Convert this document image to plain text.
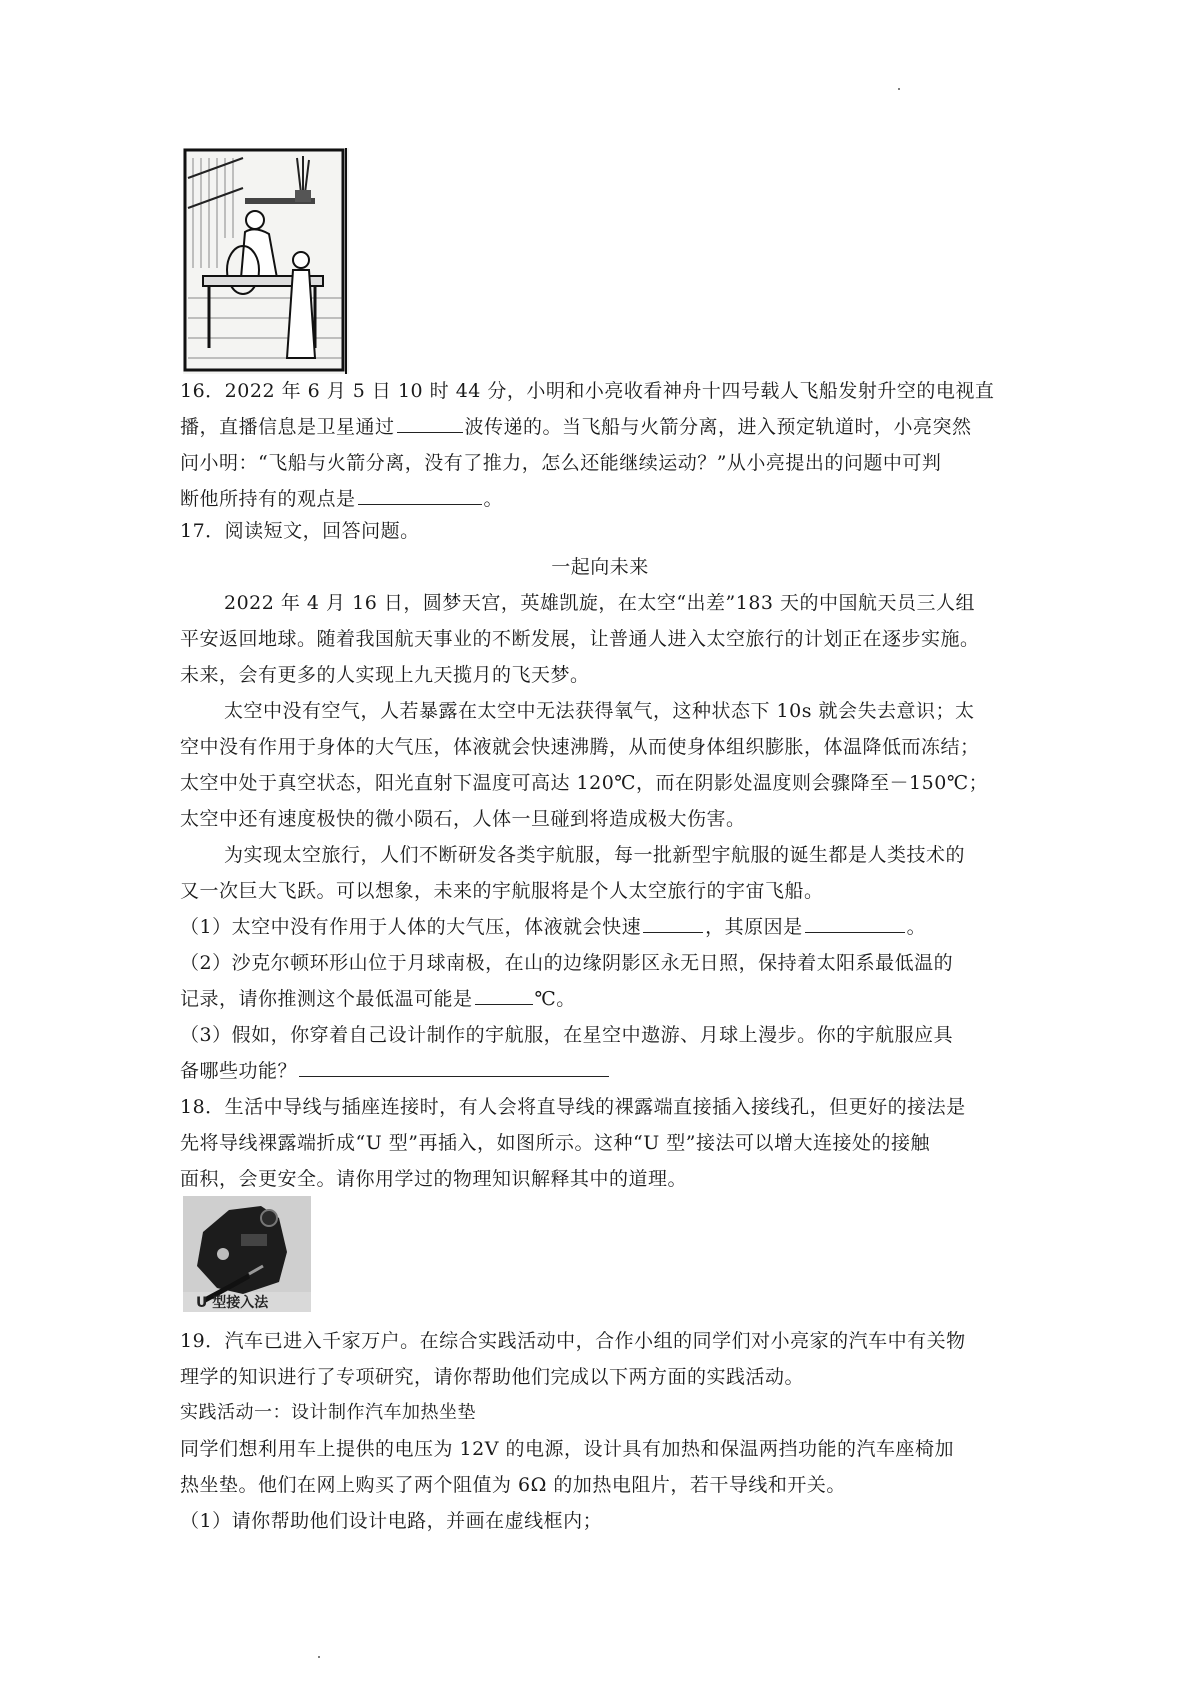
16．2022 年 6 月 5 日 10 时 44 分，小明和小亮收看神舟十四号载人飞船发射升空的电视直
播，直播信息是卫星通过	波传递的。当飞船与火箭分离，进入预定轨道时，小亮突然
问小明：“飞船与火箭分离，没有了推力，怎么还能继续运动？”从小亮提出的问题中可判
断他所持有的观点是	。
17．阅读短文，回答问题。
一起向未来
2022 年 4 月 16 日，圆梦天宫，英雄凯旋，在太空“出差”183 天的中国航天员三人组
平安返回地球。随着我国航天事业的不断发展，让普通人进入太空旅行的计划正在逐步实施。
未来，会有更多的人实现上九天揽月的飞天梦。
太空中没有空气，人若暴露在太空中无法获得氧气，这种状态下 10s 就会失去意识；太
空中没有作用于身体的大气压，体液就会快速沸腾，从而使身体组织膨胀，体温降低而冻结；
太空中处于真空状态，阳光直射下温度可高达 120℃，而在阴影处温度则会骤降至－150℃；
太空中还有速度极快的微小陨石，人体一旦碰到将造成极大伤害。
为实现太空旅行，人们不断研发各类宇航服，每一批新型宇航服的诞生都是人类技术的
又一次巨大飞跃。可以想象，未来的宇航服将是个人太空旅行的宇宙飞船。
（1）太空中没有作用于人体的大气压，体液就会快速	，其原因是	。
（2）沙克尔顿环形山位于月球南极，在山的边缘阴影区永无日照，保持着太阳系最低温的
记录，请你推测这个最低温可能是	℃。
（3）假如，你穿着自己设计制作的宇航服，在星空中遨游、月球上漫步。你的宇航服应具
备哪些功能？
18．生活中导线与插座连接时，有人会将直导线的裸露端直接插入接线孔，但更好的接法是
先将导线裸露端折成“U 型”再插入，如图所示。这种“U 型”接法可以增大连接处的接触
面积，会更安全。请你用学过的物理知识解释其中的道理。
U 型接入法
19．汽车已进入千家万户。在综合实践活动中，合作小组的同学们对小亮家的汽车中有关物
理学的知识进行了专项研究，请你帮助他们完成以下两方面的实践活动。
实践活动一：设计制作汽车加热坐垫
同学们想利用车上提供的电压为 12V 的电源，设计具有加热和保温两挡功能的汽车座椅加
热坐垫。他们在网上购买了两个阻值为 6Ω 的加热电阻片，若干导线和开关。
（1）请你帮助他们设计电路，并画在虚线框内；
